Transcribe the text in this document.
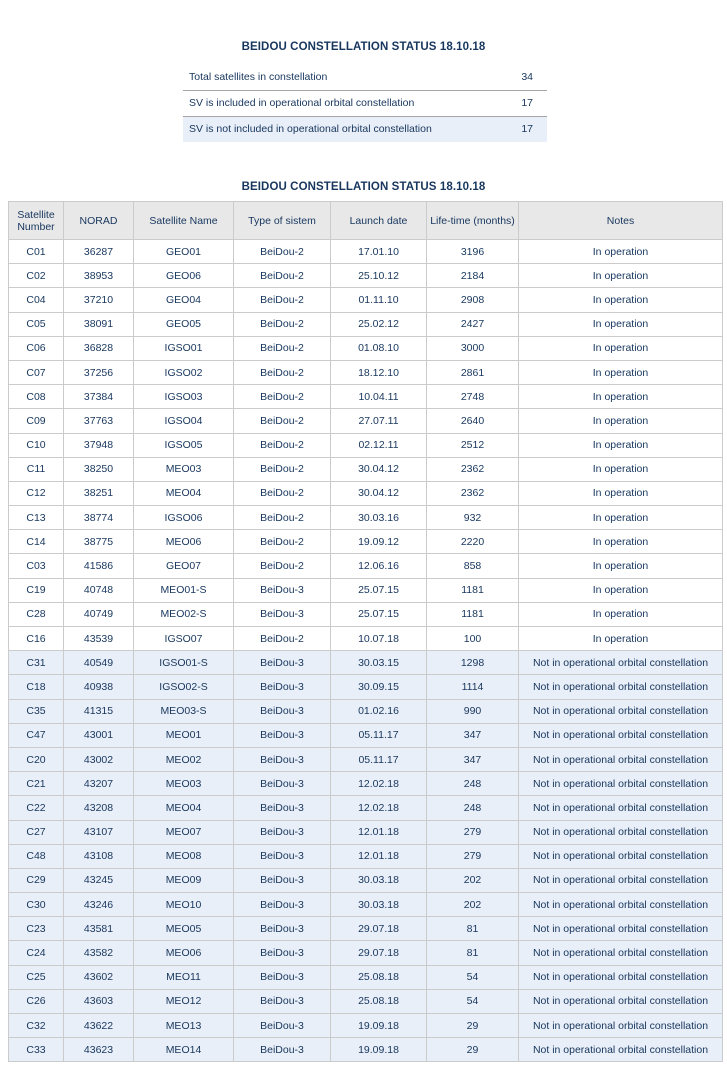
BEIDOU CONSTELLATION STATUS 18.10.18
Total satellites in constellation	34
SV is included in operational orbital constellation	17
SV is not included in operational orbital constellation	17
BEIDOU CONSTELLATION STATUS 18.10.18
Satellite Number	NORAD	Satellite Name	Type of sistem	Launch date	Life-time (months)	Notes
C01	36287	GEO01	BeiDou-2	17.01.10	3196	In operation
C02	38953	GEO06	BeiDou-2	25.10.12	2184	In operation
C04	37210	GEO04	BeiDou-2	01.11.10	2908	In operation
C05	38091	GEO05	BeiDou-2	25.02.12	2427	In operation
C06	36828	IGSO01	BeiDou-2	01.08.10	3000	In operation
C07	37256	IGSO02	BeiDou-2	18.12.10	2861	In operation
C08	37384	IGSO03	BeiDou-2	10.04.11	2748	In operation
C09	37763	IGSO04	BeiDou-2	27.07.11	2640	In operation
C10	37948	IGSO05	BeiDou-2	02.12.11	2512	In operation
C11	38250	MEO03	BeiDou-2	30.04.12	2362	In operation
C12	38251	MEO04	BeiDou-2	30.04.12	2362	In operation
C13	38774	IGSO06	BeiDou-2	30.03.16	932	In operation
C14	38775	MEO06	BeiDou-2	19.09.12	2220	In operation
C03	41586	GEO07	BeiDou-2	12.06.16	858	In operation
C19	40748	MEO01-S	BeiDou-3	25.07.15	1181	In operation
C28	40749	MEO02-S	BeiDou-3	25.07.15	1181	In operation
C16	43539	IGSO07	BeiDou-2	10.07.18	100	In operation
C31	40549	IGSO01-S	BeiDou-3	30.03.15	1298	Not in operational orbital constellation
C18	40938	IGSO02-S	BeiDou-3	30.09.15	1114	Not in operational orbital constellation
C35	41315	MEO03-S	BeiDou-3	01.02.16	990	Not in operational orbital constellation
C47	43001	MEO01	BeiDou-3	05.11.17	347	Not in operational orbital constellation
C20	43002	MEO02	BeiDou-3	05.11.17	347	Not in operational orbital constellation
C21	43207	MEO03	BeiDou-3	12.02.18	248	Not in operational orbital constellation
C22	43208	MEO04	BeiDou-3	12.02.18	248	Not in operational orbital constellation
C27	43107	MEO07	BeiDou-3	12.01.18	279	Not in operational orbital constellation
C48	43108	MEO08	BeiDou-3	12.01.18	279	Not in operational orbital constellation
C29	43245	MEO09	BeiDou-3	30.03.18	202	Not in operational orbital constellation
C30	43246	MEO10	BeiDou-3	30.03.18	202	Not in operational orbital constellation
C23	43581	MEO05	BeiDou-3	29.07.18	81	Not in operational orbital constellation
C24	43582	MEO06	BeiDou-3	29.07.18	81	Not in operational orbital constellation
C25	43602	MEO11	BeiDou-3	25.08.18	54	Not in operational orbital constellation
C26	43603	MEO12	BeiDou-3	25.08.18	54	Not in operational orbital constellation
C32	43622	MEO13	BeiDou-3	19.09.18	29	Not in operational orbital constellation
C33	43623	MEO14	BeiDou-3	19.09.18	29	Not in operational orbital constellation
